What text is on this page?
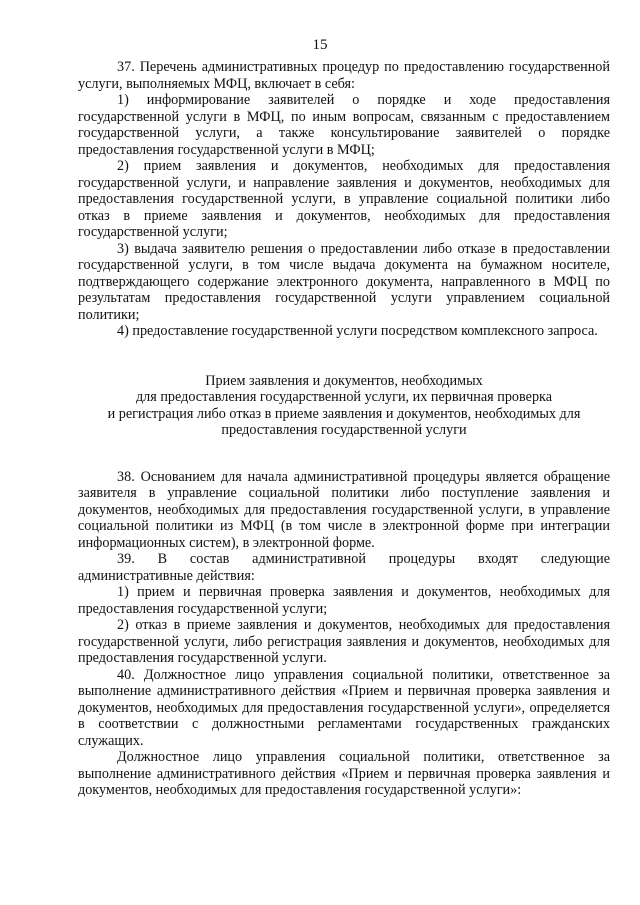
15

37. Перечень административных процедур по предоставлению государственной услуги, выполняемых МФЦ, включает в себя:

1) информирование заявителей о порядке и ходе предоставления государственной услуги в МФЦ, по иным вопросам, связанным с предоставлением государственной услуги, а также консультирование заявителей о порядке предоставления государственной услуги в МФЦ;

2) прием заявления и документов, необходимых для предоставления государственной услуги, и направление заявления и документов, необходимых для предоставления государственной услуги, в управление социальной политики либо отказ в приеме заявления и документов, необходимых для предоставления государственной услуги;

3) выдача заявителю решения о предоставлении либо отказе в предоставлении государственной услуги, в том числе выдача документа на бумажном носителе, подтверждающего содержание электронного документа, направленного в МФЦ по результатам предоставления государственной услуги управлением социальной политики;

4) предоставление государственной услуги посредством комплексного запроса.

Прием заявления и документов, необходимых
для предоставления государственной услуги, их первичная проверка
и регистрация либо отказ в приеме заявления и документов, необходимых для
предоставления государственной услуги

38. Основанием для начала административной процедуры является обращение заявителя в управление социальной политики либо поступление заявления и документов, необходимых для предоставления государственной услуги, в управление социальной политики из МФЦ (в том числе в электронной форме при интеграции информационных систем), в электронной форме.

39. В состав административной процедуры входят следующие административные действия:

1) прием и первичная проверка заявления и документов, необходимых для предоставления государственной услуги;

2) отказ в приеме заявления и документов, необходимых для предоставления государственной услуги, либо регистрация заявления и документов, необходимых для предоставления государственной услуги.

40. Должностное лицо управления социальной политики, ответственное за выполнение административного действия «Прием и первичная проверка заявления и документов, необходимых для предоставления государственной услуги», определяется в соответствии с должностными регламентами государственных гражданских служащих.

Должностное лицо управления социальной политики, ответственное за выполнение административного действия «Прием и первичная проверка заявления и документов, необходимых для предоставления государственной услуги»:
